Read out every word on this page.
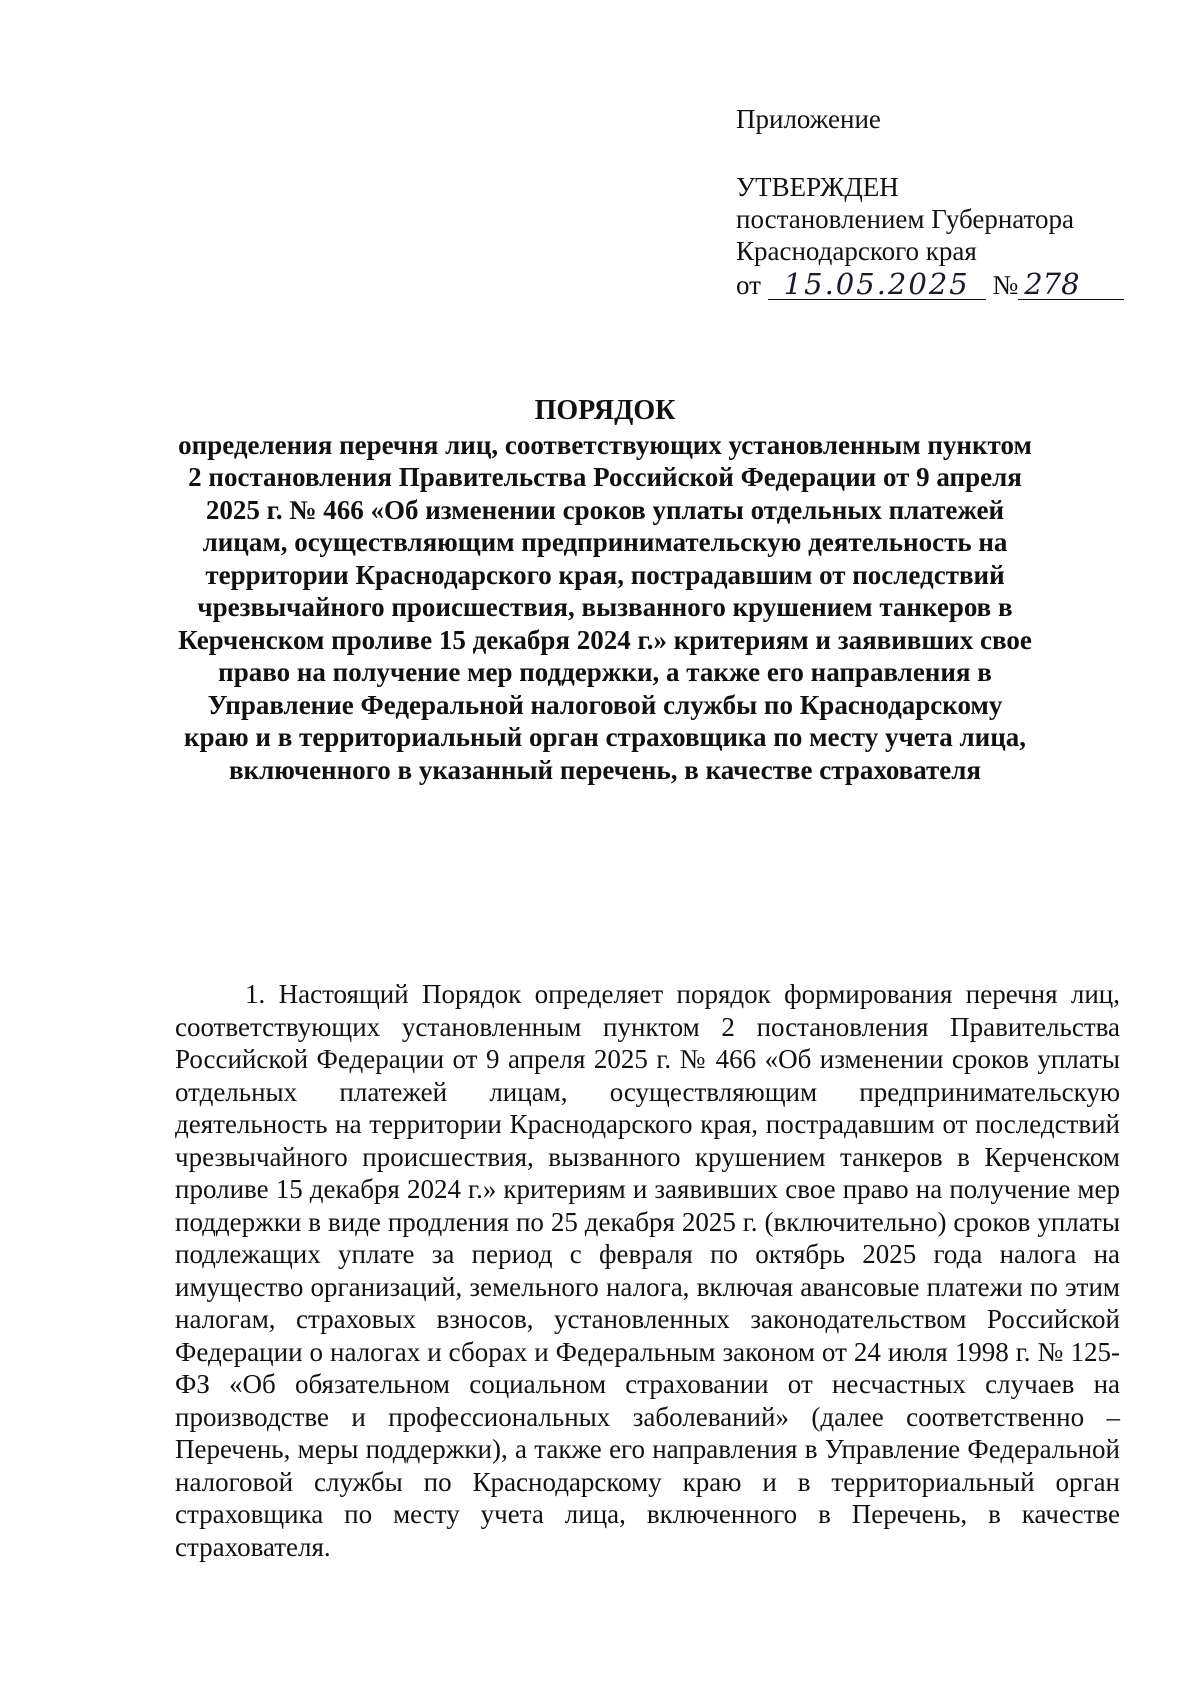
Приложение
УТВЕРЖДЕН
постановлением Губернатора
Краснодарского края
от 15.05.2025 № 278
ПОРЯДОК
определения перечня лиц, соответствующих установленным пунктом 2 постановления Правительства Российской Федерации от 9 апреля 2025 г. № 466 «Об изменении сроков уплаты отдельных платежей лицам, осуществляющим предпринимательскую деятельность на территории Краснодарского края, пострадавшим от последствий чрезвычайного происшествия, вызванного крушением танкеров в Керченском проливе 15 декабря 2024 г.» критериям и заявивших свое право на получение мер поддержки, а также его направления в Управление Федеральной налоговой службы по Краснодарскому краю и в территориальный орган страховщика по месту учета лица, включенного в указанный перечень, в качестве страхователя

1. Настоящий Порядок определяет порядок формирования перечня лиц, соответствующих установленным пунктом 2 постановления Правительства Российской Федерации от 9 апреля 2025 г. № 466 «Об изменении сроков уплаты отдельных платежей лицам, осуществляющим предпринимательскую деятельность на территории Краснодарского края, пострадавшим от последствий чрезвычайного происшествия, вызванного крушением танкеров в Керченском проливе 15 декабря 2024 г.» критериям и заявивших свое право на получение мер поддержки в виде продления по 25 декабря 2025 г. (включительно) сроков уплаты подлежащих уплате за период с февраля по октябрь 2025 года налога на имущество организаций, земельного налога, включая авансовые платежи по этим налогам, страховых взносов, установленных законодательством Российской Федерации о налогах и сборах и Федеральным законом от 24 июля 1998 г. № 125-ФЗ «Об обязательном социальном страховании от несчастных случаев на производстве и профессиональных заболеваний» (далее соответственно – Перечень, меры поддержки), а также его направления в Управление Федеральной налоговой службы по Краснодарскому краю и в территориальный орган страховщика по месту учета лица, включенного в Перечень, в качестве страхователя.
